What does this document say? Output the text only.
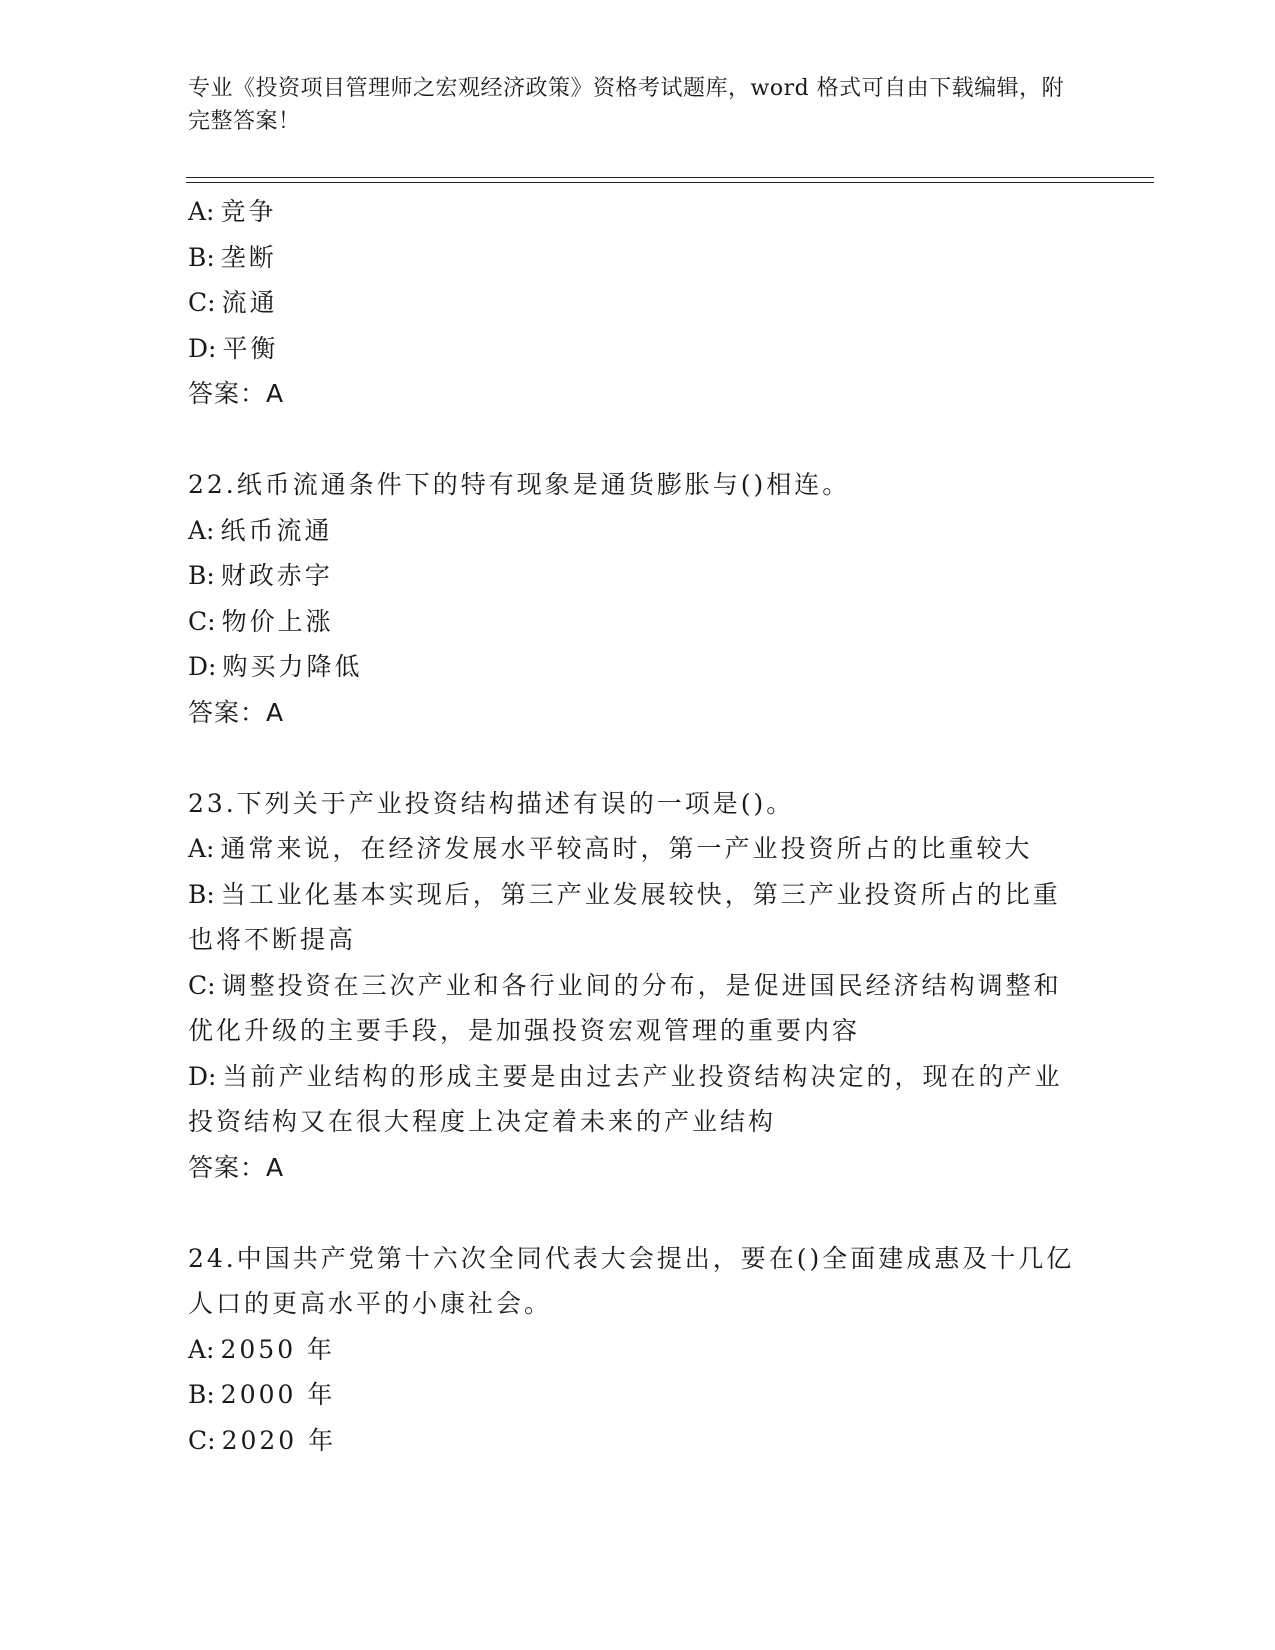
专业《投资项目管理师之宏观经济政策》资格考试题库，word 格式可自由下载编辑，附完整答案！
A: 竞争
B: 垄断
C: 流通
D: 平衡
答案：A
22.纸币流通条件下的特有现象是通货膨胀与()相连。
A: 纸币流通
B: 财政赤字
C: 物价上涨
D: 购买力降低
答案：A
23.下列关于产业投资结构描述有误的一项是()。
A: 通常来说，在经济发展水平较高时，第一产业投资所占的比重较大
B: 当工业化基本实现后，第三产业发展较快，第三产业投资所占的比重也将不断提高
C: 调整投资在三次产业和各行业间的分布，是促进国民经济结构调整和优化升级的主要手段，是加强投资宏观管理的重要内容
D: 当前产业结构的形成主要是由过去产业投资结构决定的，现在的产业投资结构又在很大程度上决定着未来的产业结构
答案：A
24.中国共产党第十六次全同代表大会提出，要在()全面建成惠及十几亿人口的更高水平的小康社会。
A: 2050 年
B: 2000 年
C: 2020 年
